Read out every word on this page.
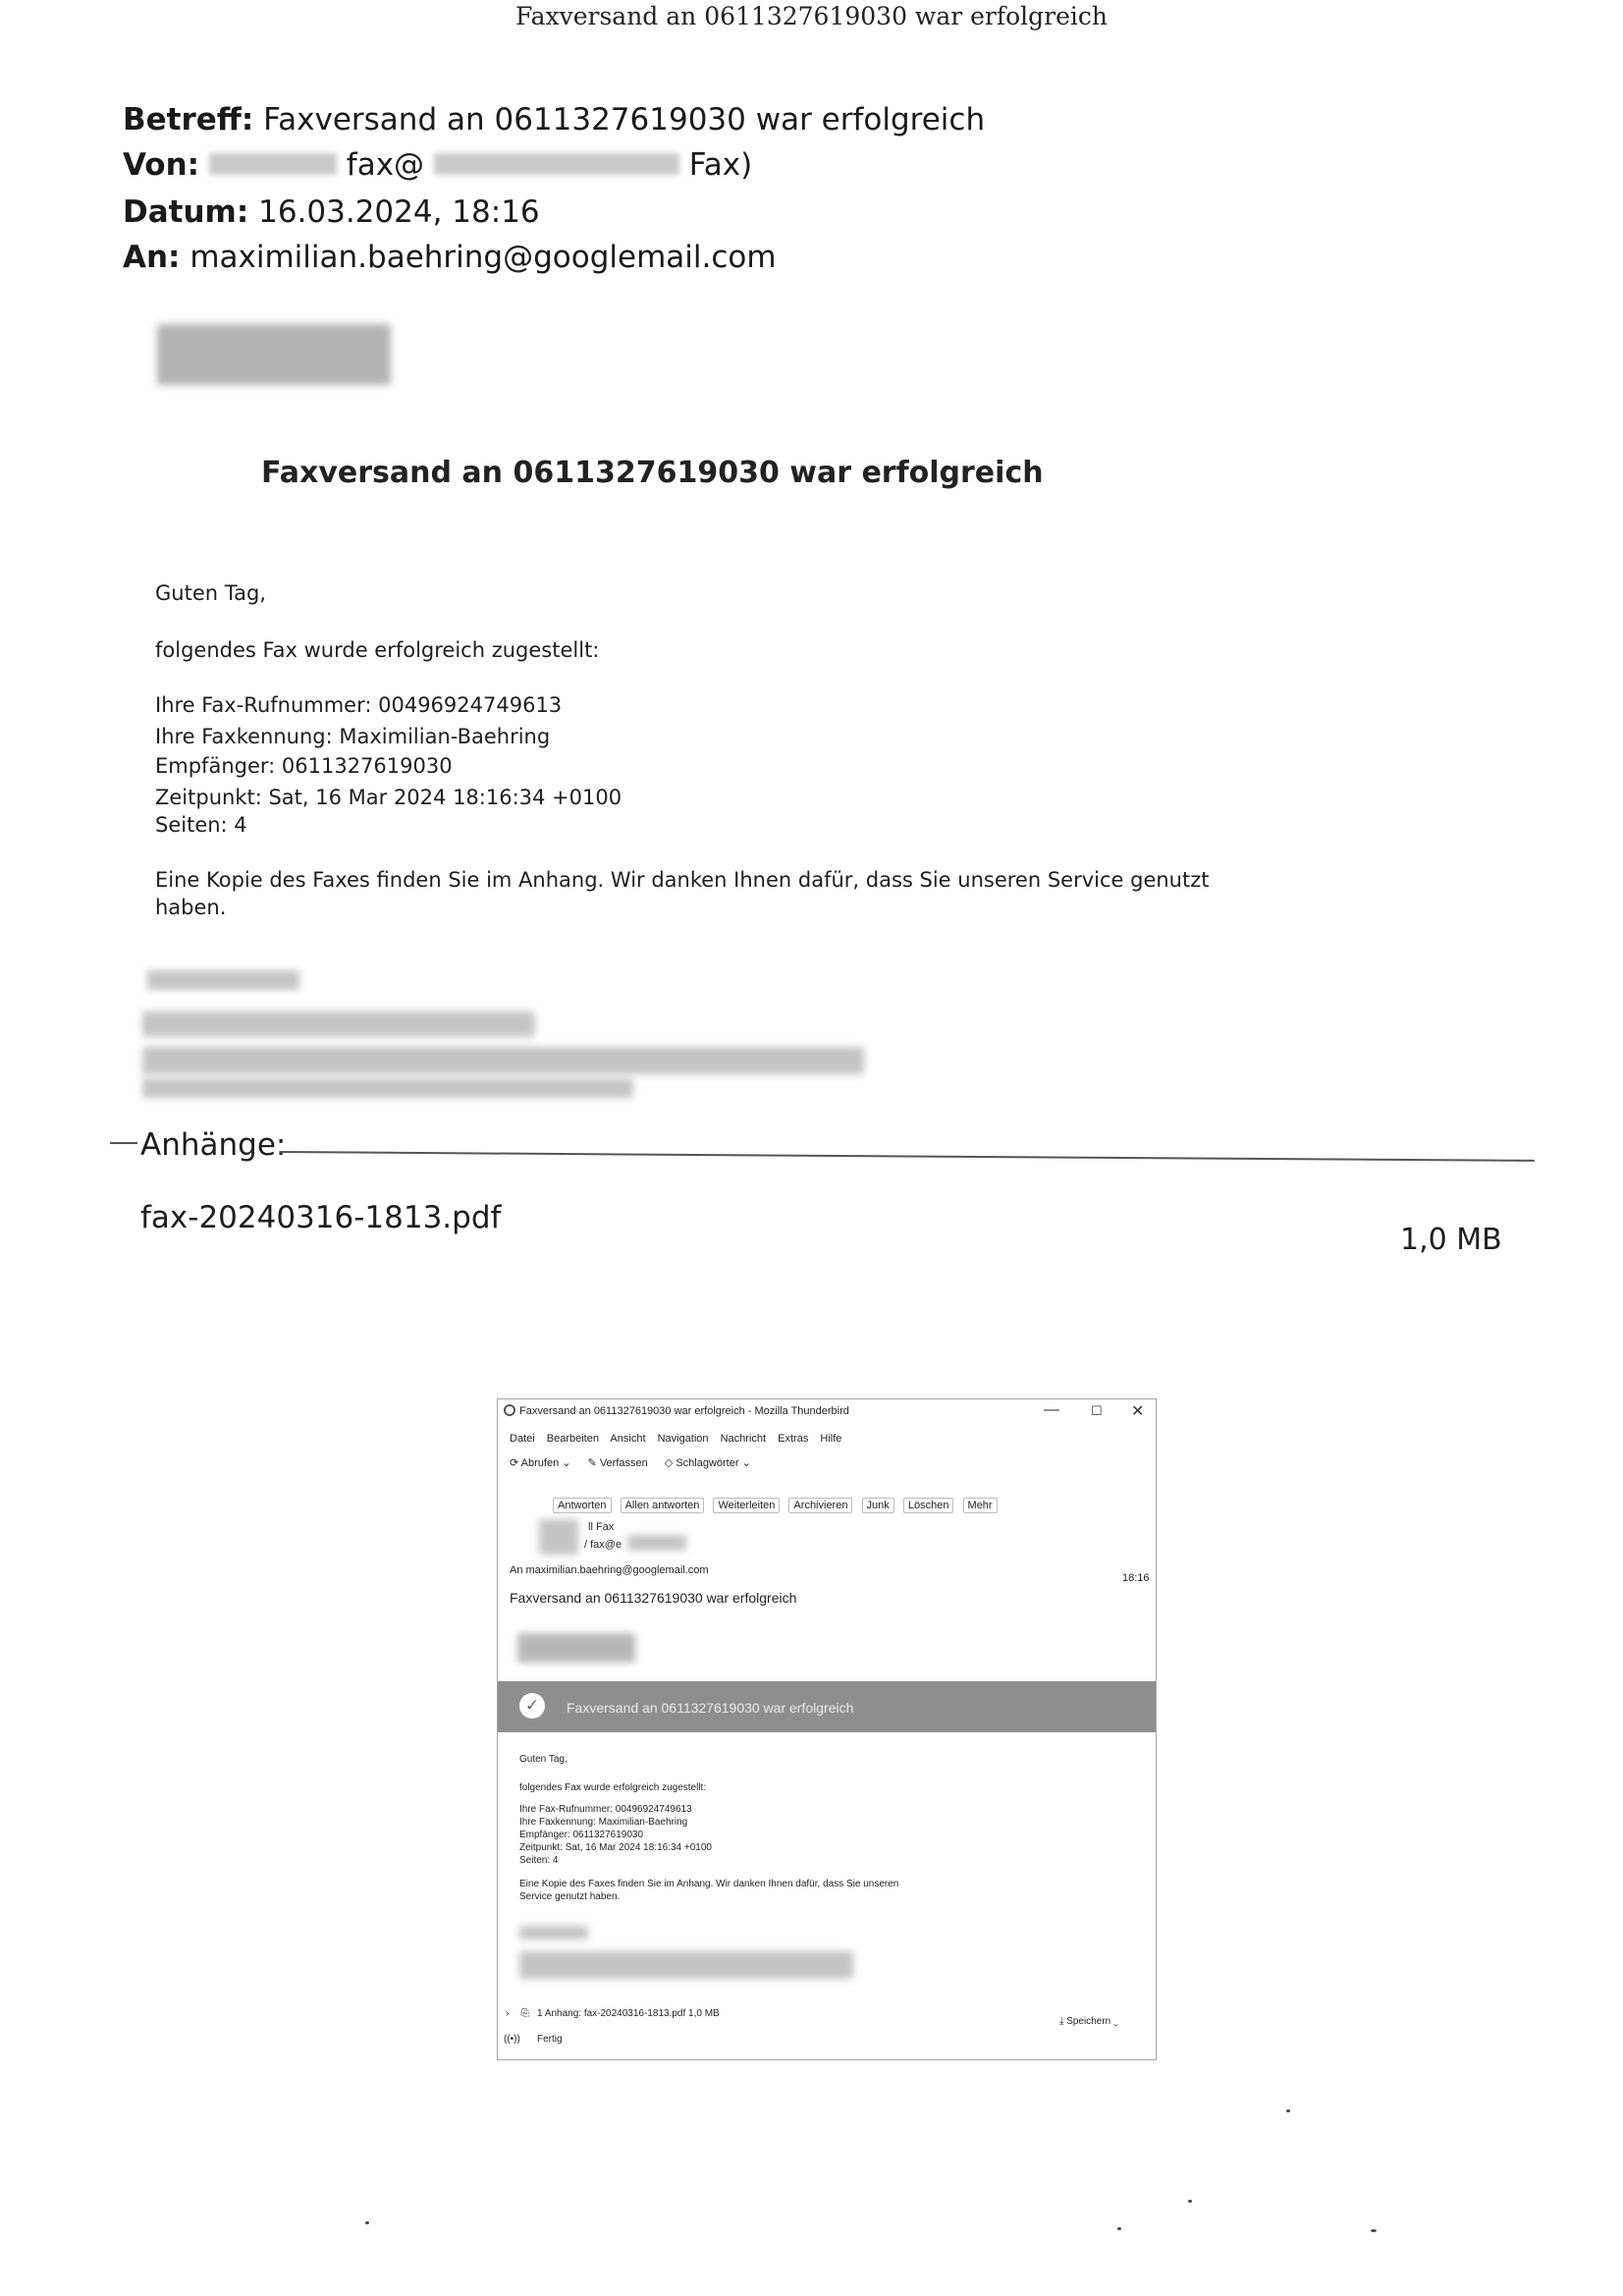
Faxversand an 0611327619030 war erfolgreich
Betreff: Faxversand an 0611327619030 war erfolgreich
Von:	fax@	Fax)
Datum: 16.03.2024, 18:16
An: maximilian.baehring@googlemail.com
Faxversand an 0611327619030 war erfolgreich
Guten Tag,
folgendes Fax wurde erfolgreich zugestellt:
Ihre Fax-Rufnummer: 00496924749613
Ihre Faxkennung: Maximilian-Baehring
Empfänger: 0611327619030
Zeitpunkt: Sat, 16 Mar 2024 18:16:34 +0100
Seiten: 4
Eine Kopie des Faxes finden Sie im Anhang. Wir danken Ihnen dafür, dass Sie unseren Service genutzt
haben.
Anhänge:
fax-20240316-1813.pdf
1,0 MB
Faxversand an 0611327619030 war erfolgreich - Mozilla Thunderbird	— ☐ ✕
Datei Bearbeiten Ansicht Navigation Nachricht Extras Hilfe
⟳ Abrufen ⌄ ✎ Verfassen ◇ Schlagwörter ⌄
Antworten Allen antworten Weiterleiten Archivieren Junk Löschen Mehr
ll Fax
/ fax@e
An maximilian.baehring@googlemail.com
18:16
Faxversand an 0611327619030 war erfolgreich
✓	Faxversand an 0611327619030 war erfolgreich
Guten Tag,
folgendes Fax wurde erfolgreich zugestellt:
Ihre Fax-Rufnummer: 00496924749613
Ihre Faxkennung: Maximilian-Baehring
Empfänger: 0611327619030
Zeitpunkt: Sat, 16 Mar 2024 18:16:34 +0100
Seiten: 4
Eine Kopie des Faxes finden Sie im Anhang. Wir danken Ihnen dafür, dass Sie unseren
Service genutzt haben.
› ⎘ 1 Anhang: fax-20240316-1813.pdf 1,0 MB
⤓ Speichern ⌄
((•)) Fertig
